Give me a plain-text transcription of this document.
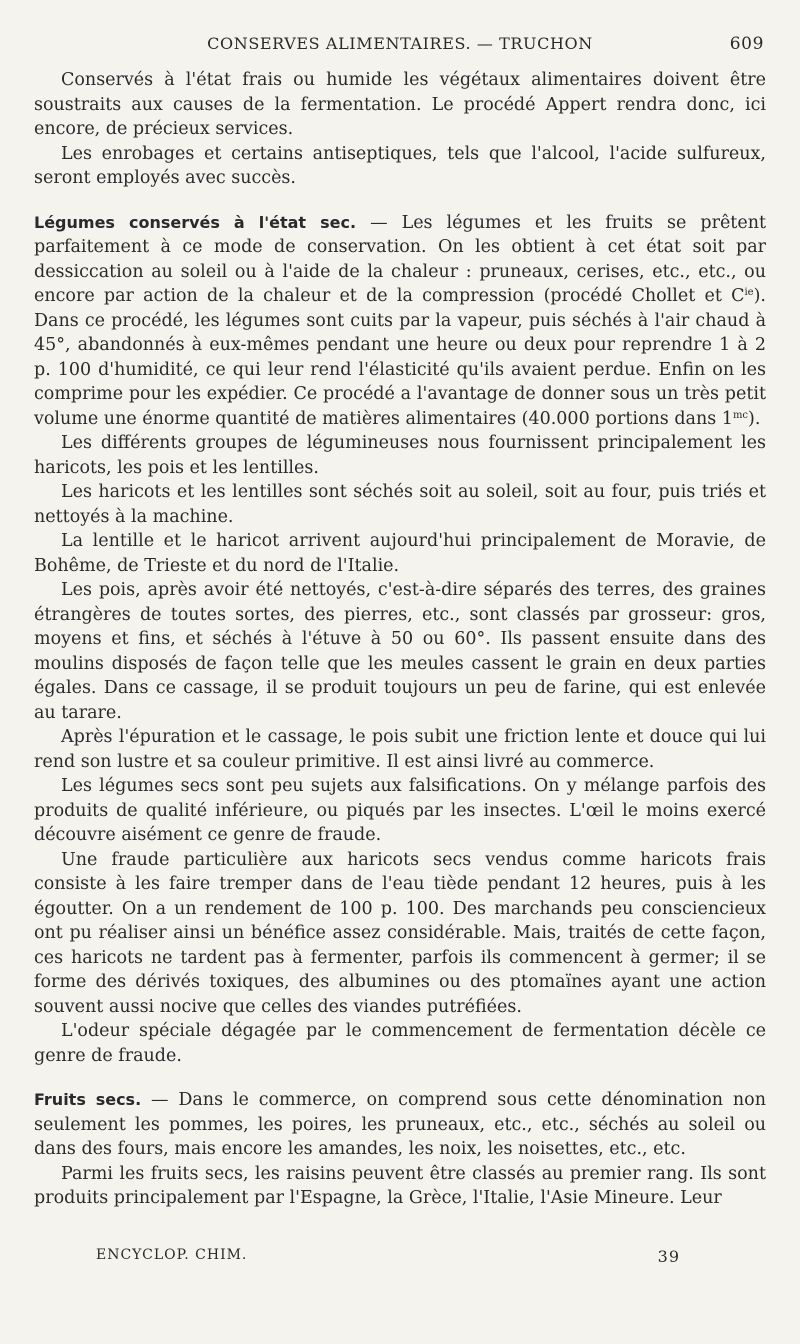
CONSERVES ALIMENTAIRES. — TRUCHON	609

Conservés à l'état frais ou humide les végétaux alimentaires doivent être soustraits aux causes de la fermentation. Le procédé Appert rendra donc, ici encore, de précieux services.

Les enrobages et certains antiseptiques, tels que l'alcool, l'acide sulfureux, seront employés avec succès.

Légumes conservés à l'état sec. — Les légumes et les fruits se prêtent parfaitement à ce mode de conservation. On les obtient à cet état soit par dessiccation au soleil ou à l'aide de la chaleur : pruneaux, cerises, etc., etc., ou encore par action de la chaleur et de la compression (procédé Chollet et $C^{ie}$). Dans ce procédé, les légumes sont cuits par la vapeur, puis séchés à l'air chaud à 45°, abandonnés à eux-mêmes pendant une heure ou deux pour reprendre 1 à 2 p. 100 d'humidité, ce qui leur rend l'élasticité qu'ils avaient perdue. Enfin on les comprime pour les expédier. Ce procédé a l'avantage de donner sous un très petit volume une énorme quantité de matières alimentaires (40.000 portions dans $1^{mc}$).

Les différents groupes de légumineuses nous fournissent principalement les haricots, les pois et les lentilles.

Les haricots et les lentilles sont séchés soit au soleil, soit au four, puis triés et nettoyés à la machine.

La lentille et le haricot arrivent aujourd'hui principalement de Moravie, de Bohême, de Trieste et du nord de l'Italie.

Les pois, après avoir été nettoyés, c'est-à-dire séparés des terres, des graines étrangères de toutes sortes, des pierres, etc., sont classés par grosseur: gros, moyens et fins, et séchés à l'étuve à 50 ou 60°. Ils passent ensuite dans des moulins disposés de façon telle que les meules cassent le grain en deux parties égales. Dans ce cassage, il se produit toujours un peu de farine, qui est enlevée au tarare.

Après l'épuration et le cassage, le pois subit une friction lente et douce qui lui rend son lustre et sa couleur primitive. Il est ainsi livré au commerce.

Les légumes secs sont peu sujets aux falsifications. On y mélange parfois des produits de qualité inférieure, ou piqués par les insectes. L'œil le moins exercé découvre aisément ce genre de fraude.

Une fraude particulière aux haricots secs vendus comme haricots frais consiste à les faire tremper dans de l'eau tiède pendant 12 heures, puis à les égoutter. On a un rendement de 100 p. 100. Des marchands peu consciencieux ont pu réaliser ainsi un bénéfice assez considérable. Mais, traités de cette façon, ces haricots ne tardent pas à fermenter, parfois ils commencent à germer; il se forme des dérivés toxiques, des albumines ou des ptomaïnes ayant une action souvent aussi nocive que celles des viandes putréfiées.

L'odeur spéciale dégagée par le commencement de fermentation décèle ce genre de fraude.

Fruits secs. — Dans le commerce, on comprend sous cette dénomination non seulement les pommes, les poires, les pruneaux, etc., etc., séchés au soleil ou dans des fours, mais encore les amandes, les noix, les noisettes, etc., etc.

Parmi les fruits secs, les raisins peuvent être classés au premier rang. Ils sont produits principalement par l'Espagne, la Grèce, l'Italie, l'Asie Mineure. Leur

ENCYCLOP. CHIM.	39
